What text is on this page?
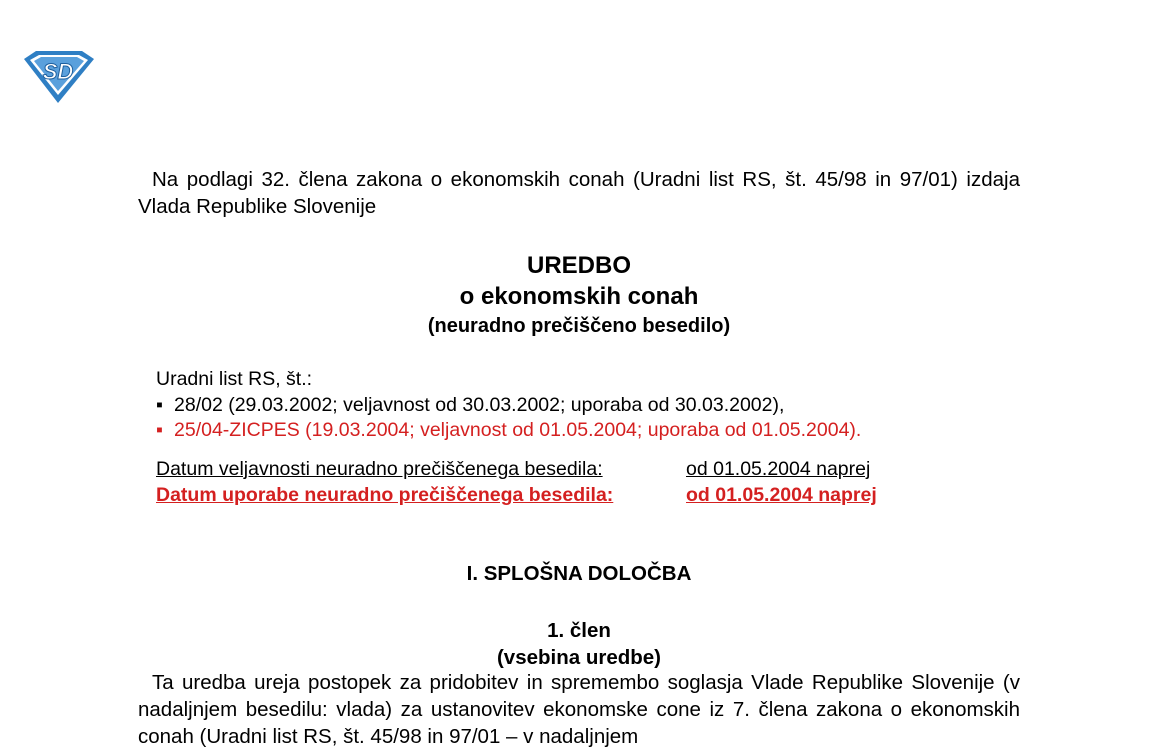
SD
Na podlagi 32. člena zakona o ekonomskih conah (Uradni list RS, št. 45/98 in 97/01) izdaja Vlada Republike Slovenije
UREDBO
o ekonomskih conah
(neuradno prečiščeno besedilo)
Uradni list RS, št.:
▪ 28/02 (29.03.2002; veljavnost od 30.03.2002; uporaba od 30.03.2002),
▪ 25/04-ZICPES (19.03.2004; veljavnost od 01.05.2004; uporaba od 01.05.2004).
Datum veljavnosti neuradno prečiščenega besedila:	od 01.05.2004 naprej
Datum uporabe neuradno prečiščenega besedila:	od 01.05.2004 naprej
I. SPLOŠNA DOLOČBA
1. člen
(vsebina uredbe)
Ta uredba ureja postopek za pridobitev in spremembo soglasja Vlade Republike Slovenije (v nadaljnjem besedilu: vlada) za ustanovitev ekonomske cone iz 7. člena zakona o ekonomskih conah (Uradni list RS, št. 45/98 in 97/01 – v nadaljnjem
